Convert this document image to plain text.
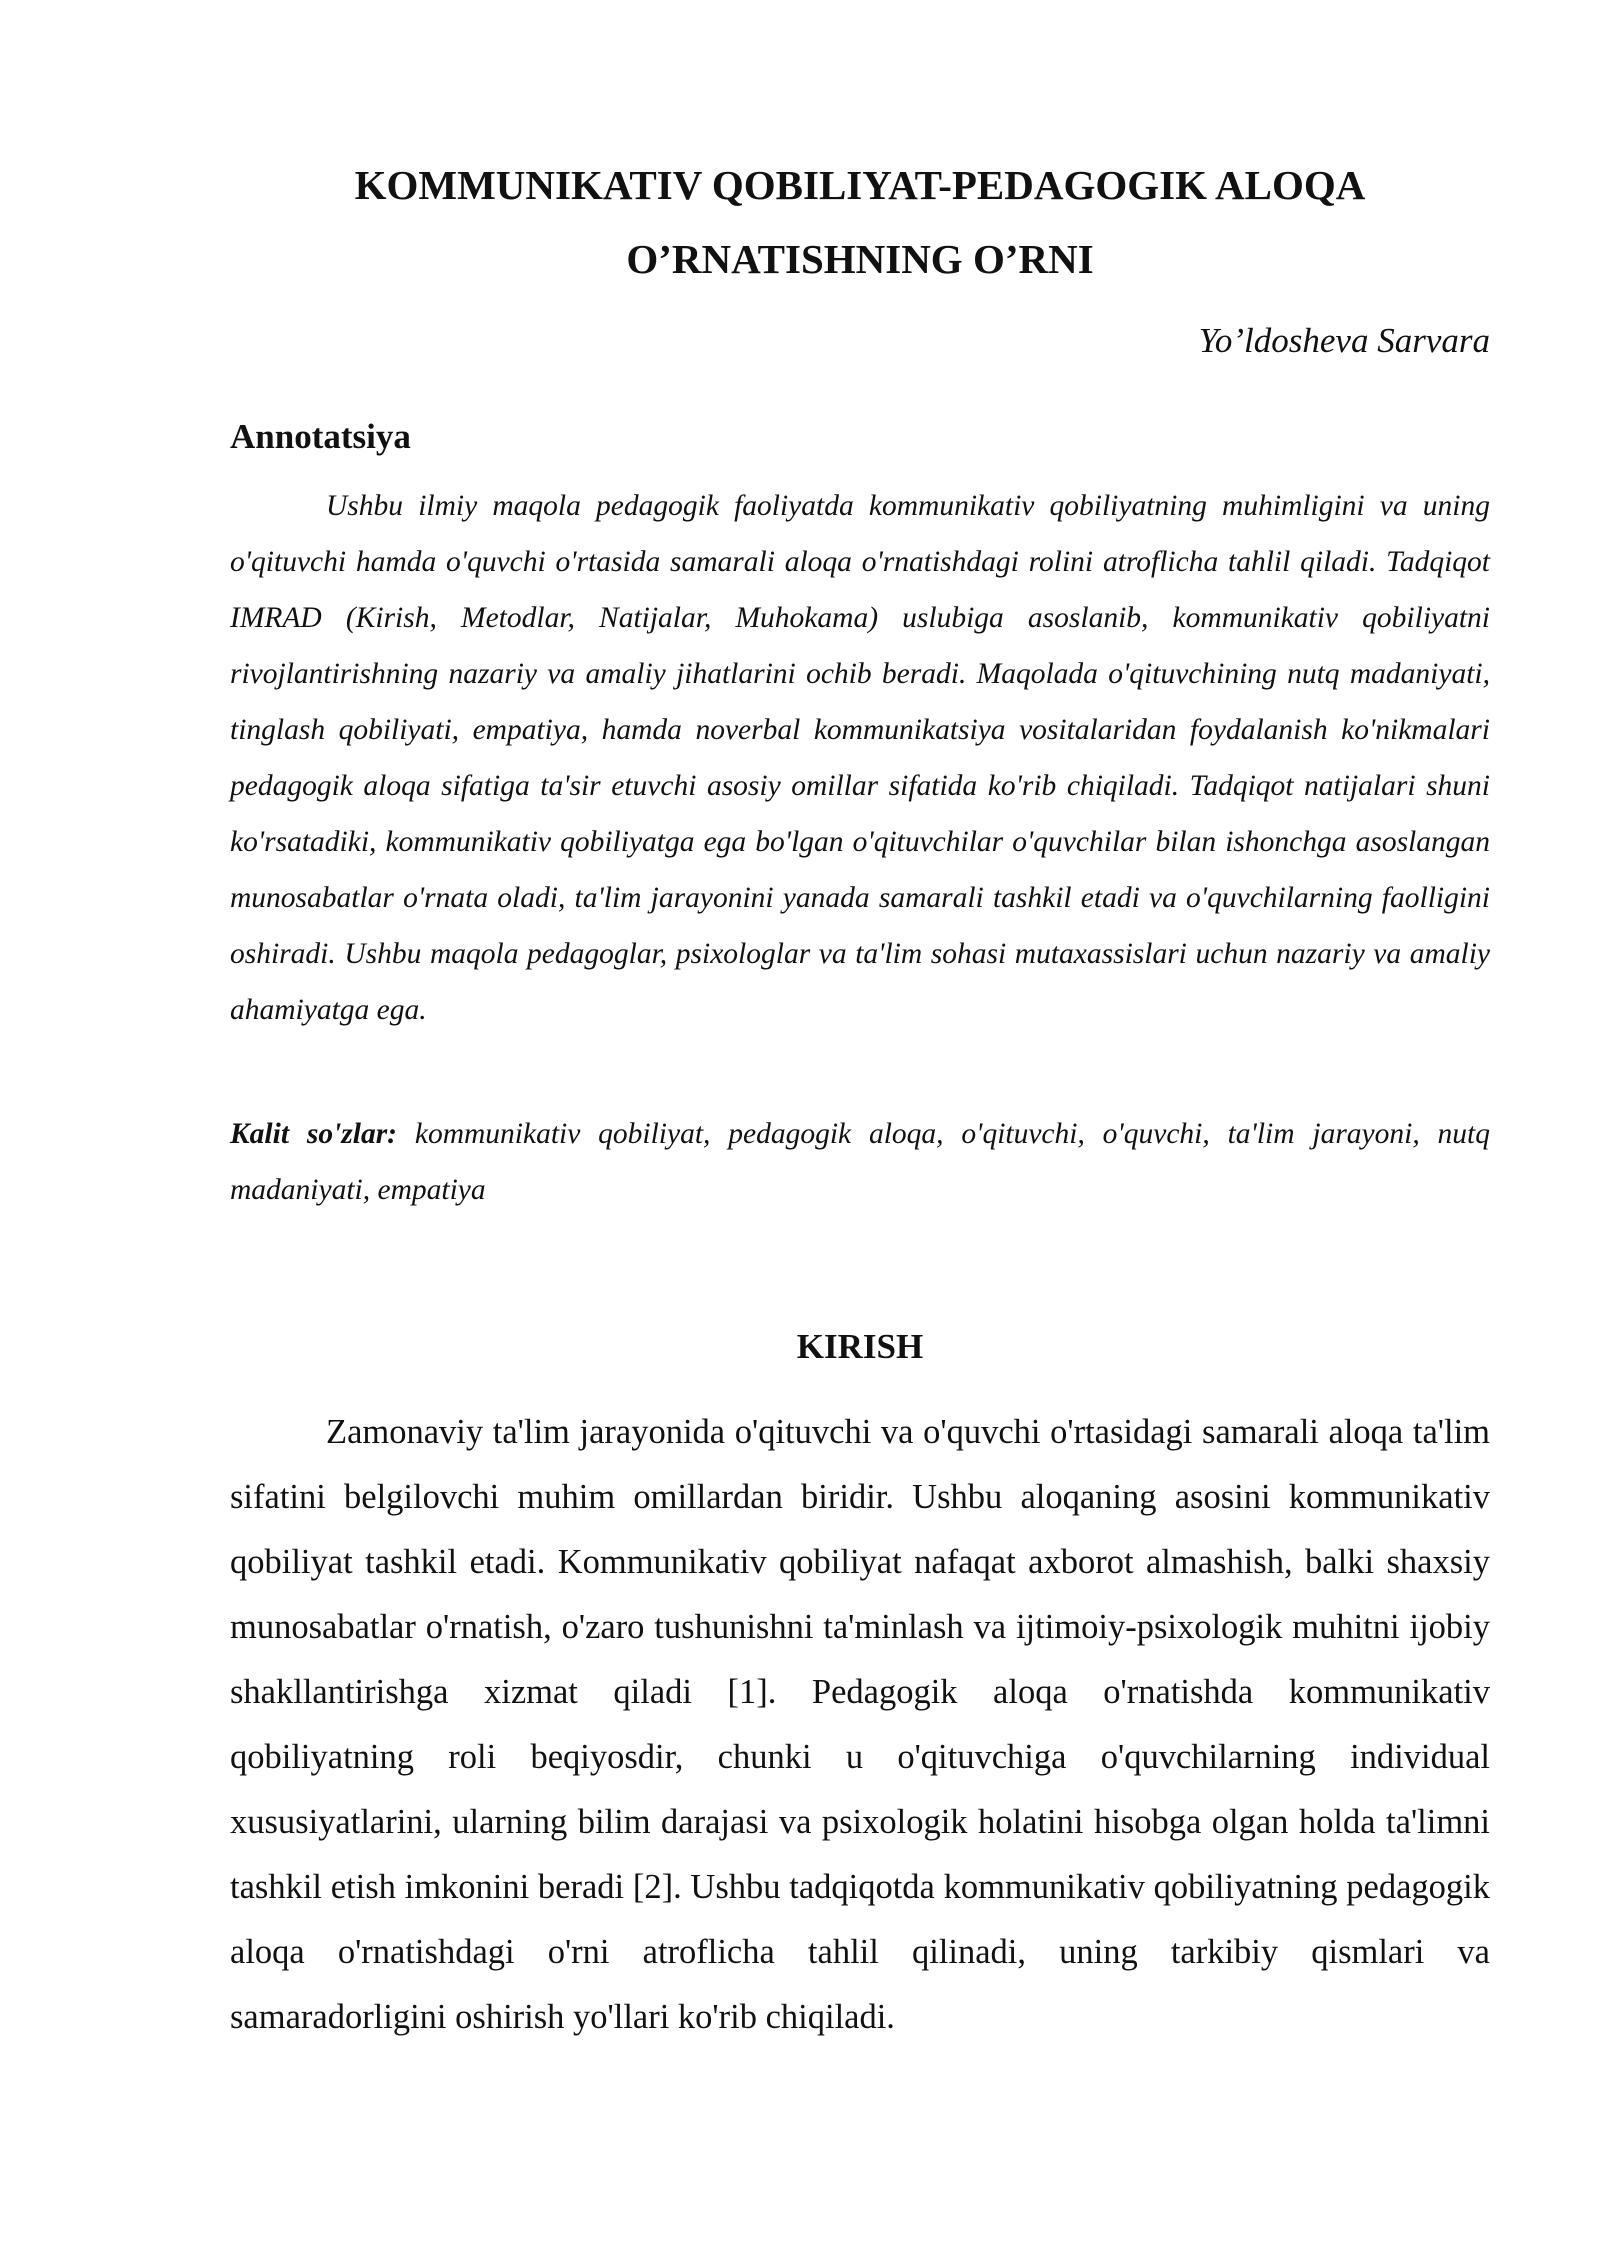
KOMMUNIKATIV QOBILIYAT-PEDAGOGIK ALOQA
O’RNATISHNING O’RNI

Yo’ldosheva Sarvara

Annotatsiya

Ushbu ilmiy maqola pedagogik faoliyatda kommunikativ qobiliyatning muhimligini va uning o'qituvchi hamda o'quvchi o'rtasida samarali aloqa o'rnatishdagi rolini atroflicha tahlil qiladi. Tadqiqot IMRAD (Kirish, Metodlar, Natijalar, Muhokama) uslubiga asoslanib, kommunikativ qobiliyatni rivojlantirishning nazariy va amaliy jihatlarini ochib beradi. Maqolada o'qituvchining nutq madaniyati, tinglash qobiliyati, empatiya, hamda noverbal kommunikatsiya vositalaridan foydalanish ko'nikmalari pedagogik aloqa sifatiga ta'sir etuvchi asosiy omillar sifatida ko'rib chiqiladi. Tadqiqot natijalari shuni ko'rsatadiki, kommunikativ qobiliyatga ega bo'lgan o'qituvchilar o'quvchilar bilan ishonchga asoslangan munosabatlar o'rnata oladi, ta'lim jarayonini yanada samarali tashkil etadi va o'quvchilarning faolligini oshiradi. Ushbu maqola pedagoglar, psixologlar va ta'lim sohasi mutaxassislari uchun nazariy va amaliy ahamiyatga ega.

Kalit so'zlar: kommunikativ qobiliyat, pedagogik aloqa, o'qituvchi, o'quvchi, ta'lim jarayoni, nutq madaniyati, empatiya

KIRISH

Zamonaviy ta'lim jarayonida o'qituvchi va o'quvchi o'rtasidagi samarali aloqa ta'lim sifatini belgilovchi muhim omillardan biridir. Ushbu aloqaning asosini kommunikativ qobiliyat tashkil etadi. Kommunikativ qobiliyat nafaqat axborot almashish, balki shaxsiy munosabatlar o'rnatish, o'zaro tushunishni ta'minlash va ijtimoiy-psixologik muhitni ijobiy shakllantirishga xizmat qiladi [1]. Pedagogik aloqa o'rnatishda kommunikativ qobiliyatning roli beqiyosdir, chunki u o'qituvchiga o'quvchilarning individual xususiyatlarini, ularning bilim darajasi va psixologik holatini hisobga olgan holda ta'limni tashkil etish imkonini beradi [2]. Ushbu tadqiqotda kommunikativ qobiliyatning pedagogik aloqa o'rnatishdagi o'rni atroflicha tahlil qilinadi, uning tarkibiy qismlari va samaradorligini oshirish yo'llari ko'rib chiqiladi.
